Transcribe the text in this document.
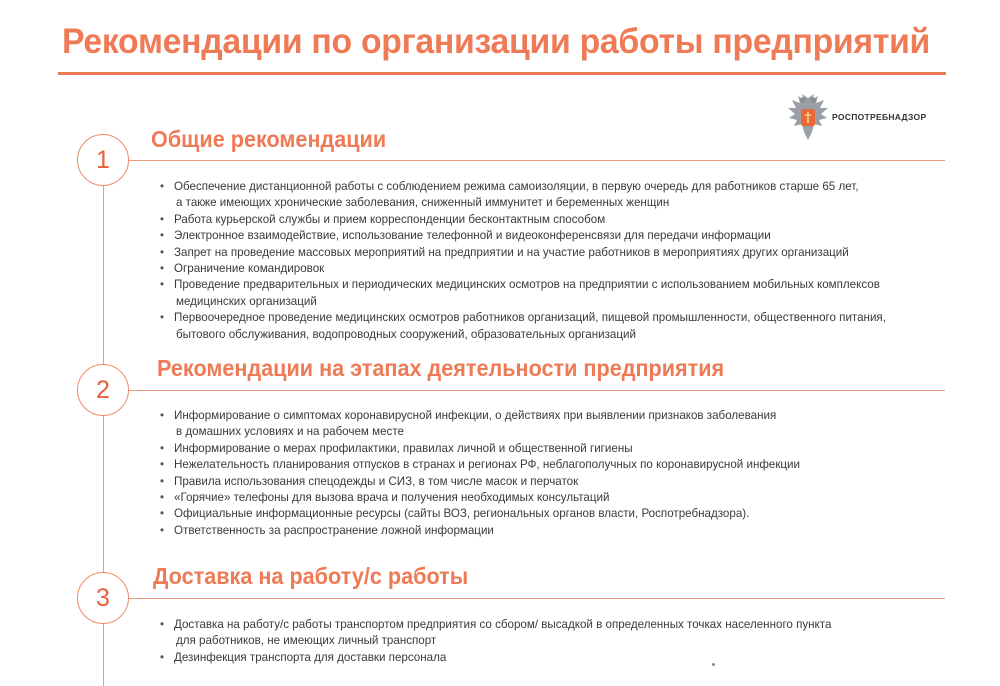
Рекомендации по организации работы предприятий
РОСПОТРЕБНАДЗОР
1
Общие рекомендации
• Обеспечение дистанционной работы с соблюдением режима самоизоляции, в первую очередь для работников старше 65 лет,
а также имеющих хронические заболевания, сниженный иммунитет и беременных женщин
• Работа курьерской службы и прием корреспонденции бесконтактным способом
• Электронное взаимодействие, использование телефонной и видеоконференсвязи для передачи информации
• Запрет на проведение массовых мероприятий на предприятии и на участие работников в мероприятиях других организаций
• Ограничение командировок
• Проведение предварительных и периодических медицинских осмотров на предприятии с использованием мобильных комплексов
медицинских организаций
• Первоочередное проведение медицинских осмотров работников организаций, пищевой промышленности, общественного питания,
бытового обслуживания, водопроводных сооружений, образовательных организаций
2
Рекомендации на этапах деятельности предприятия
• Информирование о симптомах коронавирусной инфекции, о действиях при выявлении признаков заболевания
в домашних условиях и на рабочем месте
• Информирование о мерах профилактики, правилах личной и общественной гигиены
• Нежелательность планирования отпусков в странах и регионах РФ, неблагополучных по коронавирусной инфекции
• Правила использования спецодежды и СИЗ, в том числе масок и перчаток
• «Горячие» телефоны для вызова врача и получения необходимых консультаций
• Официальные информационные ресурсы (сайты ВОЗ, региональных органов власти, Роспотребнадзора).
• Ответственность за распространение ложной информации
3
Доставка на работу/с работы
• Доставка на работу/с работы транспортом предприятия со сбором/ высадкой в определенных точках населенного пункта
для работников, не имеющих личный транспорт
• Дезинфекция транспорта для доставки персонала
